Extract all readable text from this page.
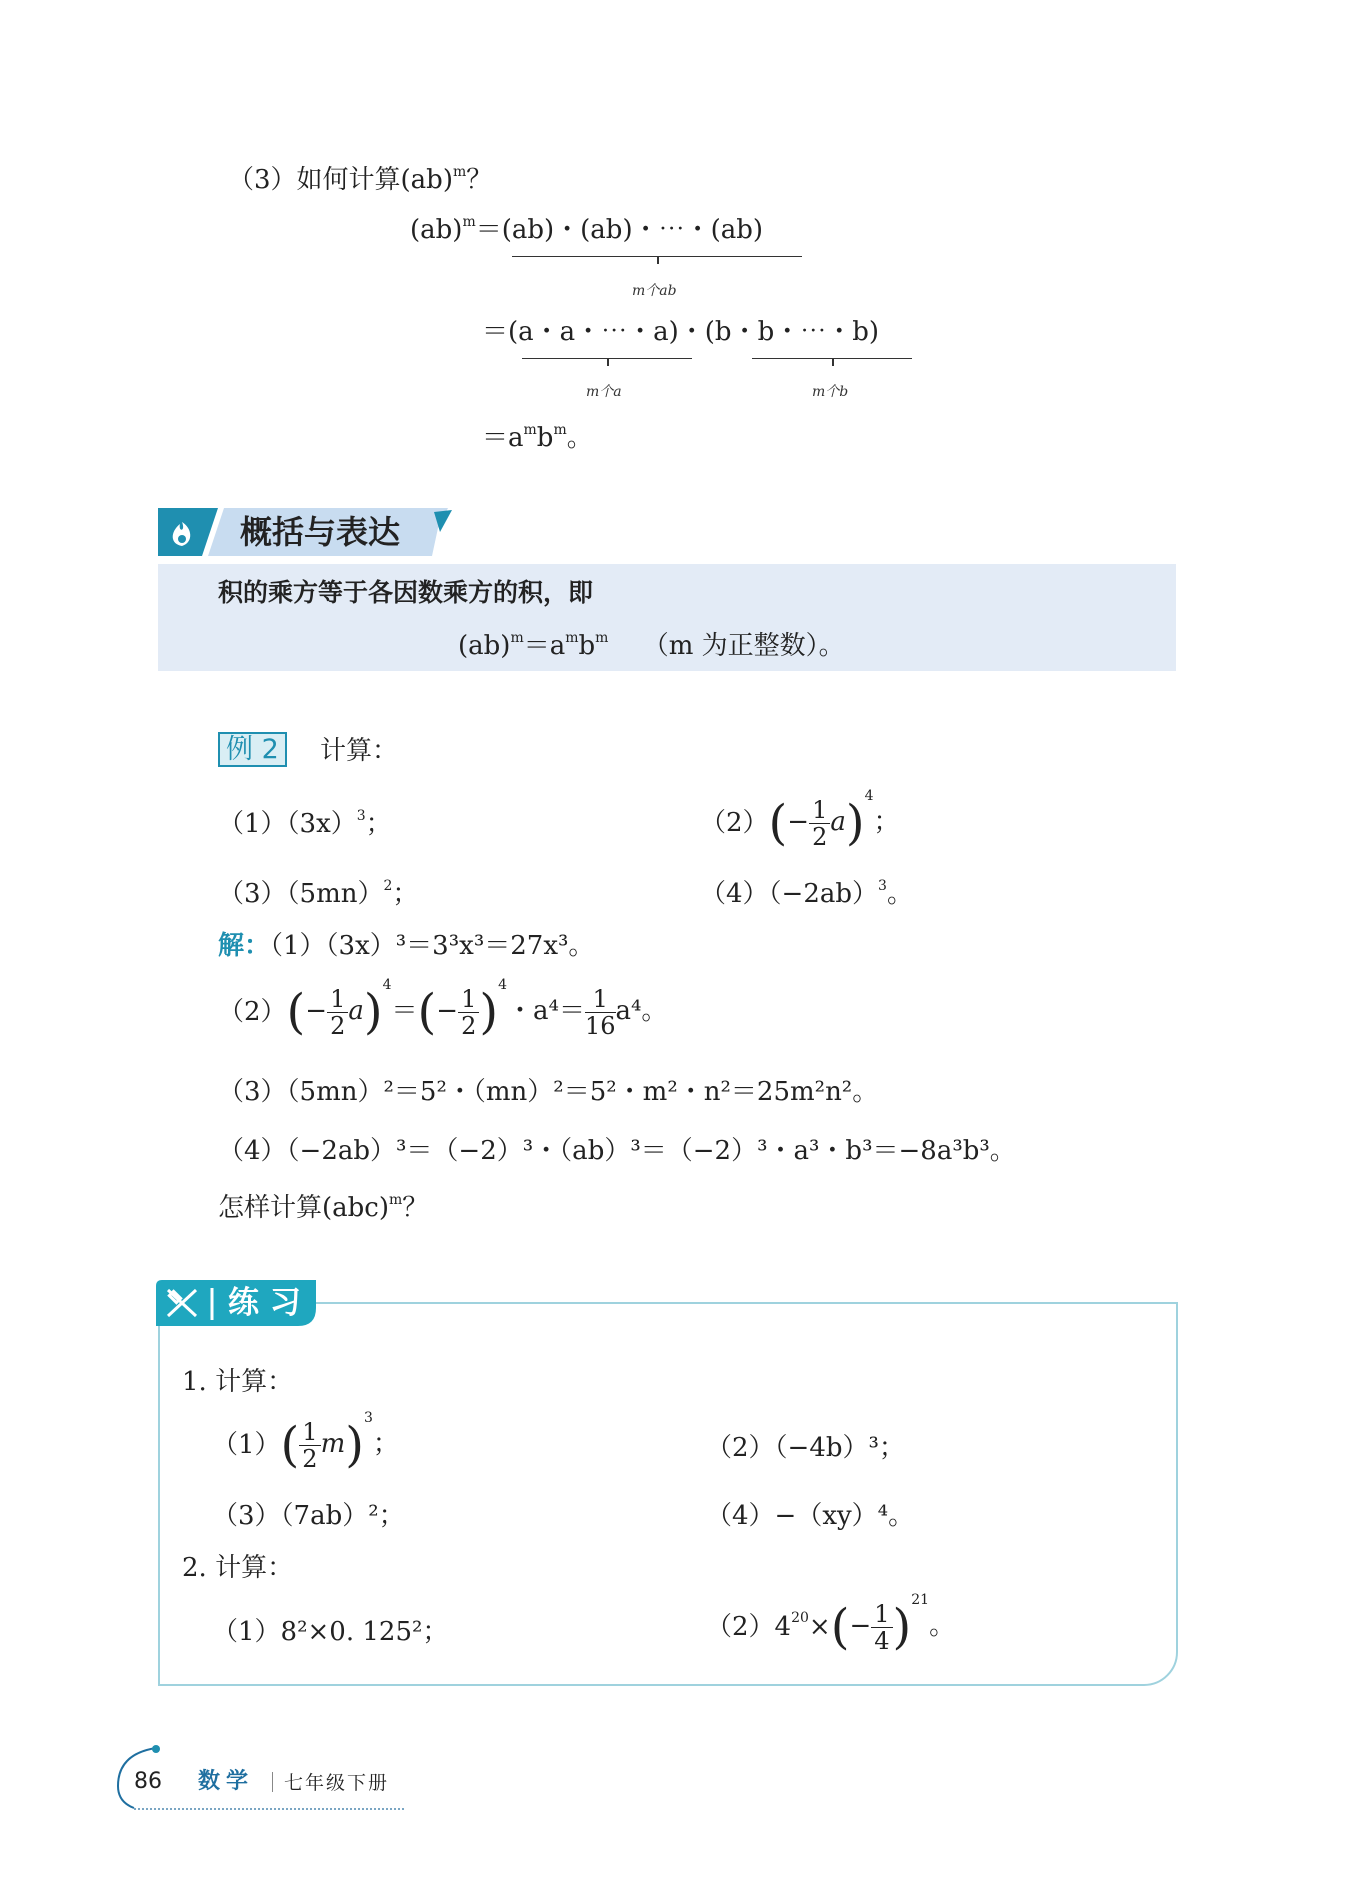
（3）如何计算(ab)$^m$？
(ab)$^m$＝(ab)・(ab)・⋯・(ab)
m个ab
＝(a・a・⋯・a)・(b・b・⋯・b)
m个a	m个b
$=a^mb^m$。
概括与表达
积的乘方等于各因数乘方的积，即
$(ab)^m=a^mb^m$ （m 为正整数）。
例 2	计算：
$(1)(3x)^3$；	$(2)(- \frac{1}{2} a)^4$；
$(3)(5mn)^2$；	$(4)(-2ab)^3$。
解：（1）（3x）³＝3³x³＝27x³。
$(2)(- \frac{1}{2} a)^4=(- \frac{1}{2} )^4$・$a^4= \frac{1}{16} a^4$。
（3）（5mn）²＝5²・（mn）²＝5²・m²・n²＝25m²n²。
（4）（−2ab）³＝（−2）³・（ab）³＝（−2）³・a³・b³＝−8a³b³。
怎样计算(abc)$^m$？
练 习
1. 计算：
$(1)( \frac{1}{2} m)^3$；	（2）（−4b）³；
（3）（7ab）²；	（4）−（xy）⁴。
2. 计算：
（1）8²×0. 125²；	$(2)4^{20}\times(- \frac{1}{4} )^{21}$。
86 数学 七年级下册
